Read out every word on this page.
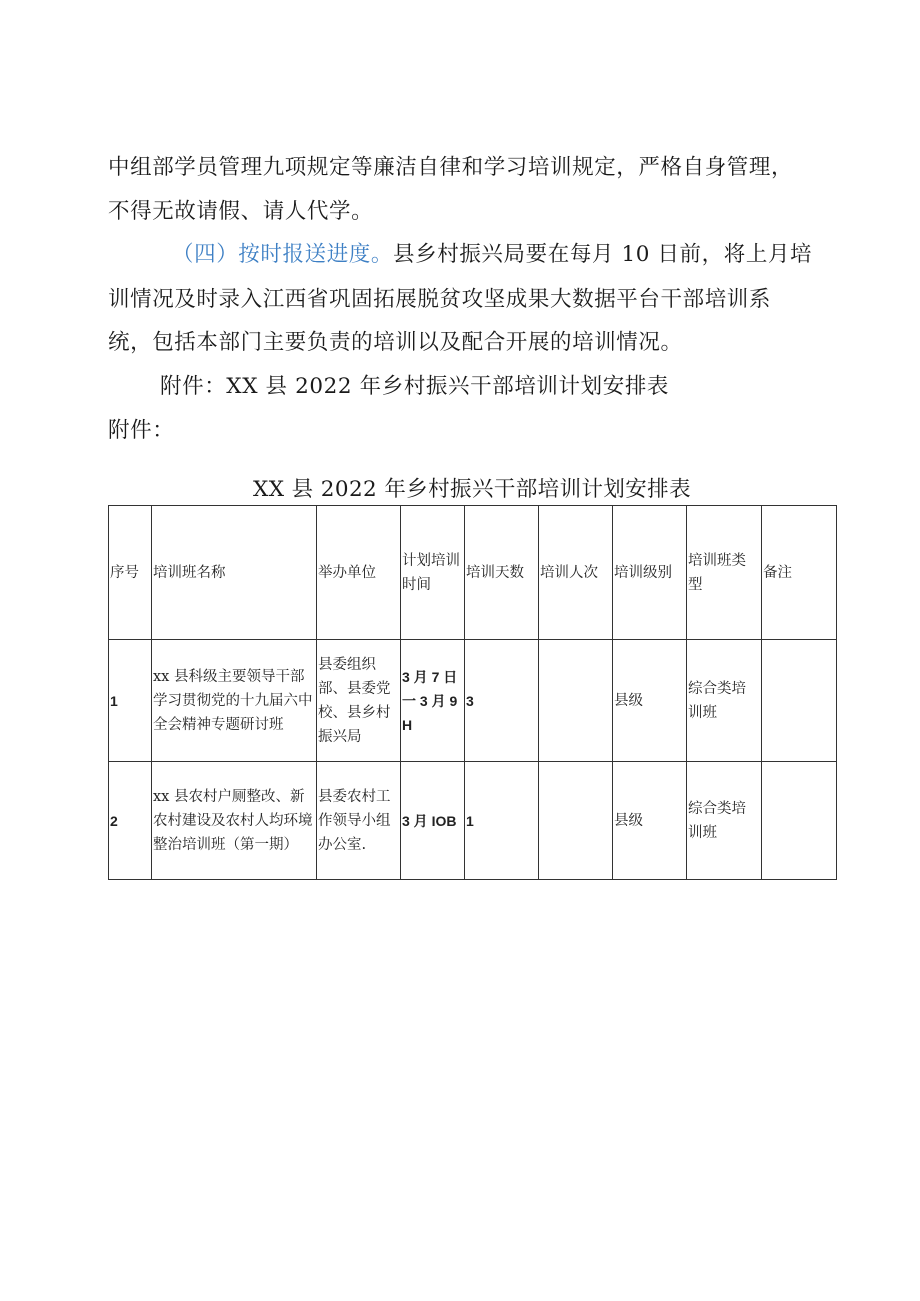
中组部学员管理九项规定等廉洁自律和学习培训规定，严格自身管理，

不得无故请假、请人代学。

（四）按时报送进度。县乡村振兴局要在每月 10 日前，将上月培

训情况及时录入江西省巩固拓展脱贫攻坚成果大数据平台干部培训系

统，包括本部门主要负责的培训以及配合开展的培训情况。

附件：XX 县 2022 年乡村振兴干部培训计划安排表

附件：

XX 县 2022 年乡村振兴干部培训计划安排表

序号	培训班名称	举办单位	计划培训时间	培训天数	培训人次	培训级别	培训班类型	备注
1	xx 县科级主要领导干部学习贯彻党的十九届六中全会精神专题研讨班	县委组织部、县委党校、县乡村振兴局	3 月 7 日一 3 月 9H	3		县级	综合类培训班	
2	xx 县农村户厕整改、新农村建设及农村人均环境整治培训班（第一期）	县委农村工作领导小组办公室.	3 月 IOB	1		县级	综合类培训班	
